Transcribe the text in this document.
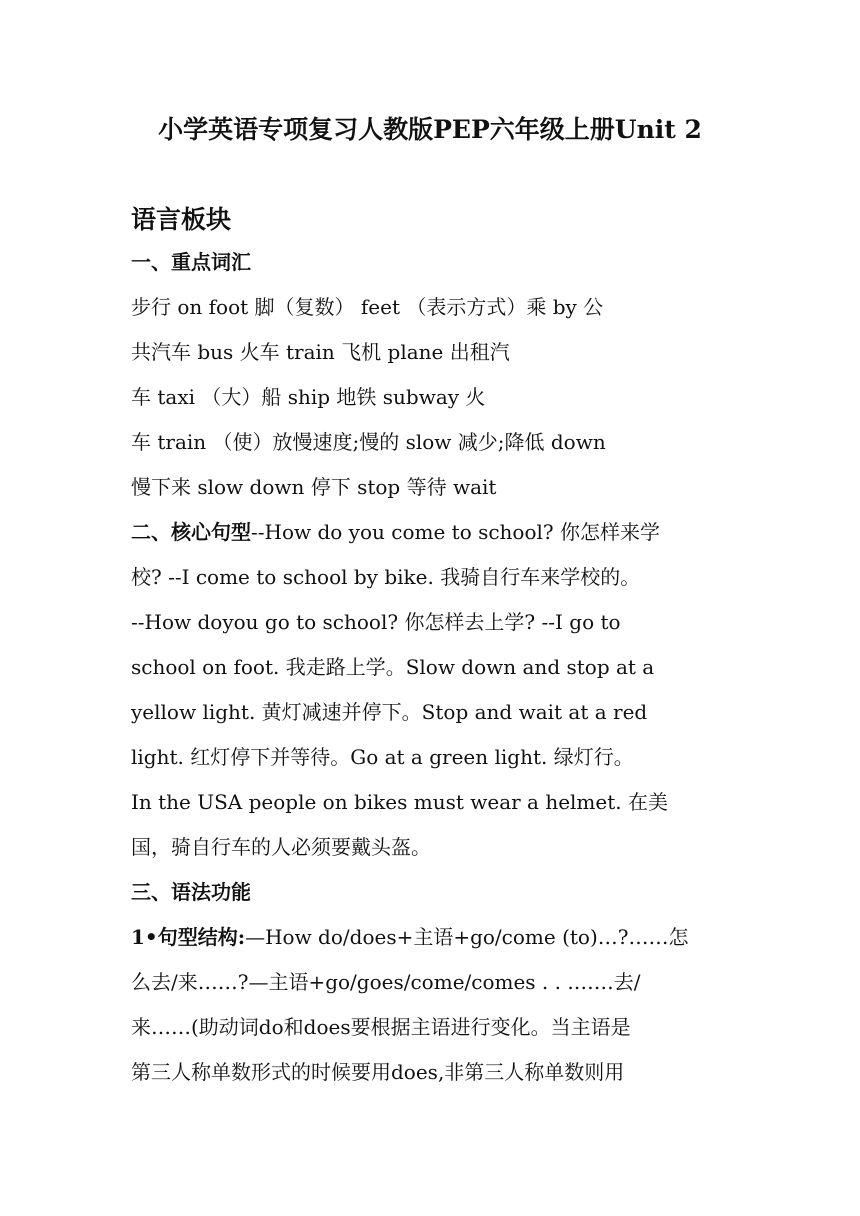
小学英语专项复习人教版PEP六年级上册Unit 2
语言板块
一、重点词汇
步行 on foot 脚（复数） feet （表示方式）乘 by 公
共汽车 bus 火车 train 飞机 plane 出租汽
车 taxi （大）船 ship 地铁 subway 火
车 train （使）放慢速度;慢的 slow 减少;降低 down
慢下来 slow down 停下 stop 等待 wait
二、核心句型--How do you come to school? 你怎样来学
校? --I come to school by bike. 我骑自行车来学校的。
--How doyou go to school? 你怎样去上学? --I go to
school on foot. 我走路上学。Slow down and stop at a
yellow light. 黄灯减速并停下。Stop and wait at a red
light. 红灯停下并等待。Go at a green light. 绿灯行。
In the USA people on bikes must wear a helmet. 在美
国，骑自行车的人必须要戴头盔。
三、语法功能
1•句型结构:—How do/does+主语+go/come (to)…?……怎
么去/来……?—主语+go/goes/come/comes . . .……去/
来……(助动词do和does要根据主语进行变化。当主语是
第三人称单数形式的时候要用does,非第三人称单数则用
